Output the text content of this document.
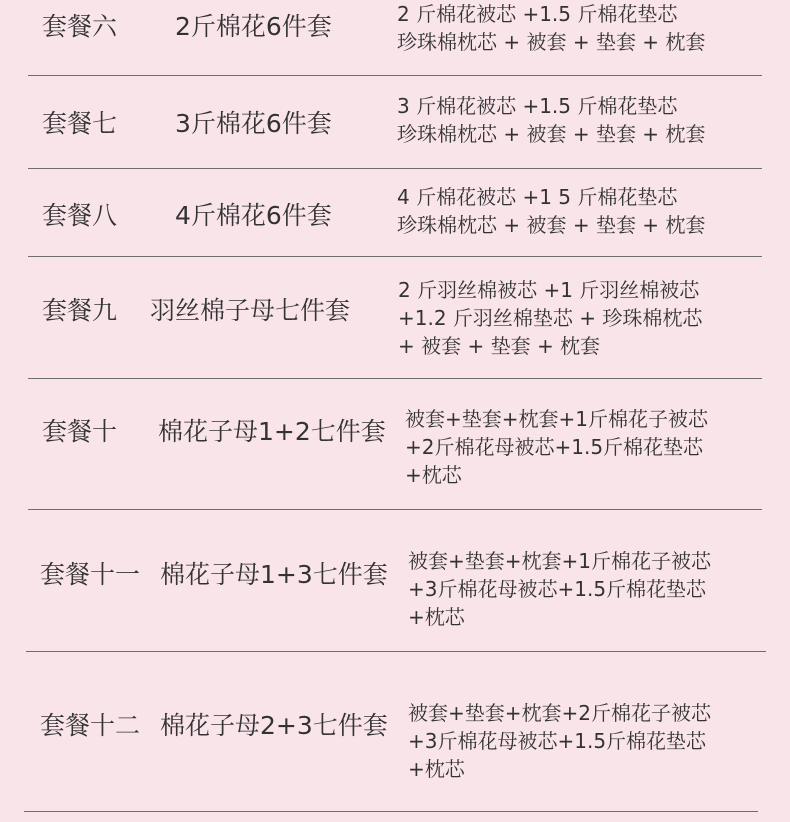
套餐六 2斤棉花6件套	2 斤棉花被芯 +1.5 斤棉花垫芯
珍珠棉枕芯 + 被套 + 垫套 + 枕套
套餐七 3斤棉花6件套
3 斤棉花被芯 +1.5 斤棉花垫芯
珍珠棉枕芯 + 被套 + 垫套 + 枕套
套餐八 4斤棉花6件套
4 斤棉花被芯 +1 5 斤棉花垫芯
珍珠棉枕芯 + 被套 + 垫套 + 枕套
套餐九 羽丝棉子母七件套
2 斤羽丝棉被芯 +1 斤羽丝棉被芯
+1.2 斤羽丝棉垫芯 + 珍珠棉枕芯
+ 被套 + 垫套 + 枕套
套餐十 棉花子母1+2七件套 被套+垫套+枕套+1斤棉花子被芯
+2斤棉花母被芯+1.5斤棉花垫芯
+枕芯
套餐十一 棉花子母1+3七件套 被套+垫套+枕套+1斤棉花子被芯
+3斤棉花母被芯+1.5斤棉花垫芯
+枕芯
套餐十二 棉花子母2+3七件套 被套+垫套+枕套+2斤棉花子被芯
+3斤棉花母被芯+1.5斤棉花垫芯
+枕芯
